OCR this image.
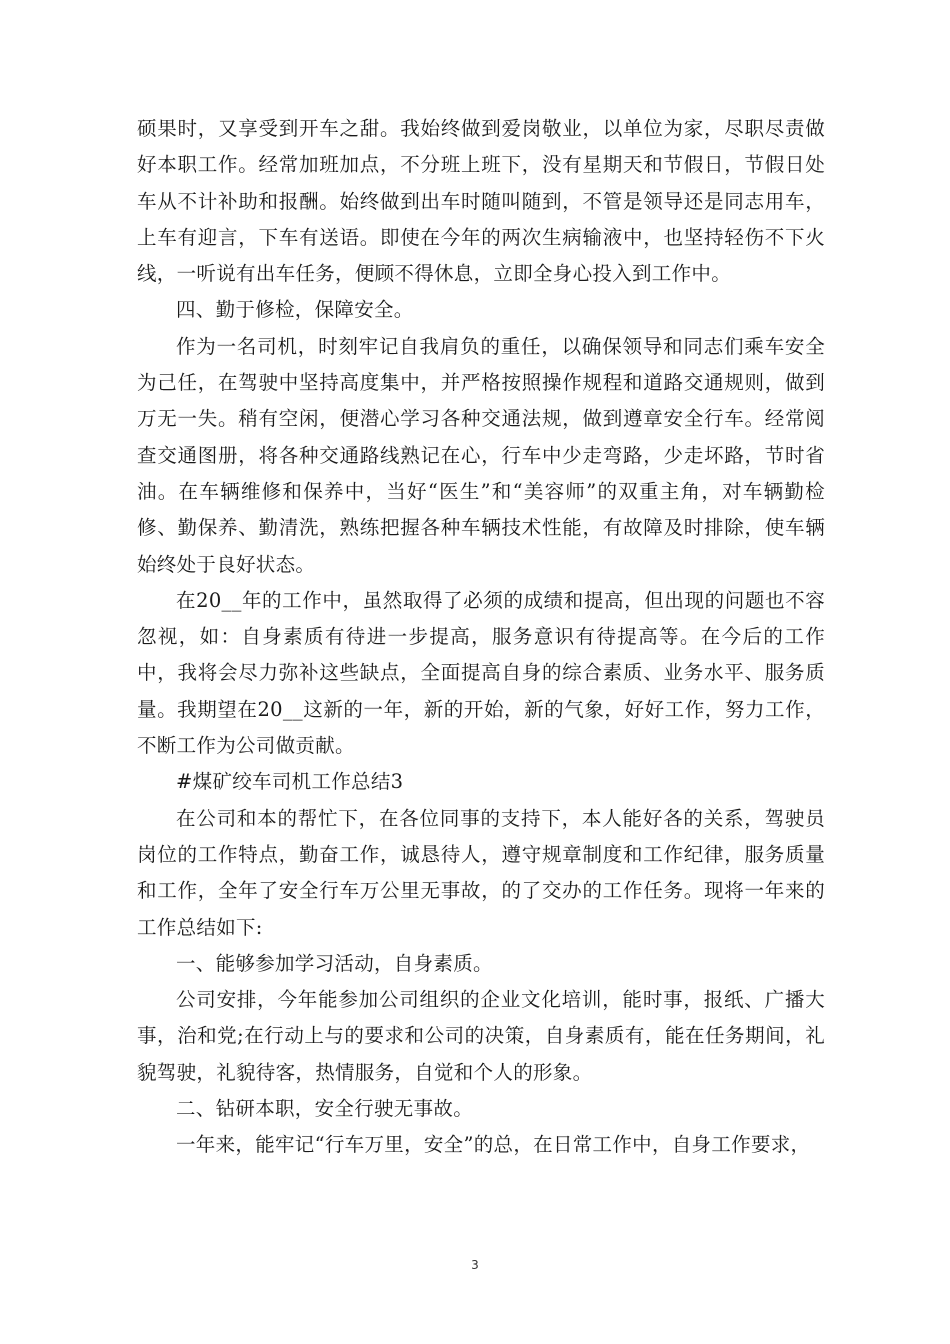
硕果时，又享受到开车之甜。我始终做到爱岗敬业，以单位为家，尽职尽责做好本职工作。经常加班加点，不分班上班下，没有星期天和节假日，节假日处车从不计补助和报酬。始终做到出车时随叫随到，不管是领导还是同志用车，上车有迎言，下车有送语。即使在今年的两次生病输液中，也坚持轻伤不下火线，一听说有出车任务，便顾不得休息，立即全身心投入到工作中。

四、勤于修检，保障安全。

作为一名司机，时刻牢记自我肩负的重任，以确保领导和同志们乘车安全为己任，在驾驶中坚持高度集中，并严格按照操作规程和道路交通规则，做到万无一失。稍有空闲，便潜心学习各种交通法规，做到遵章安全行车。经常阅查交通图册，将各种交通路线熟记在心，行车中少走弯路，少走坏路，节时省油。在车辆维修和保养中，当好“医生”和“美容师”的双重主角，对车辆勤检修、勤保养、勤清洗，熟练把握各种车辆技术性能，有故障及时排除，使车辆始终处于良好状态。

在20__年的工作中，虽然取得了必须的成绩和提高，但出现的问题也不容忽视，如：自身素质有待进一步提高，服务意识有待提高等。在今后的工作中，我将会尽力弥补这些缺点，全面提高自身的综合素质、业务水平、服务质量。我期望在20__这新的一年，新的开始，新的气象，好好工作，努力工作，不断工作为公司做贡献。

#煤矿绞车司机工作总结3

在公司和本的帮忙下，在各位同事的支持下，本人能好各的关系，驾驶员岗位的工作特点，勤奋工作，诚恳待人，遵守规章制度和工作纪律，服务质量和工作，全年了安全行车万公里无事故，的了交办的工作任务。现将一年来的工作总结如下:

一、能够参加学习活动，自身素质。

公司安排，今年能参加公司组织的企业文化培训，能时事，报纸、广播大事，治和党;在行动上与的要求和公司的决策，自身素质有，能在任务期间，礼貌驾驶，礼貌待客，热情服务，自觉和个人的形象。

二、钻研本职，安全行驶无事故。

一年来，能牢记“行车万里，安全”的总，在日常工作中，自身工作要求，

3
